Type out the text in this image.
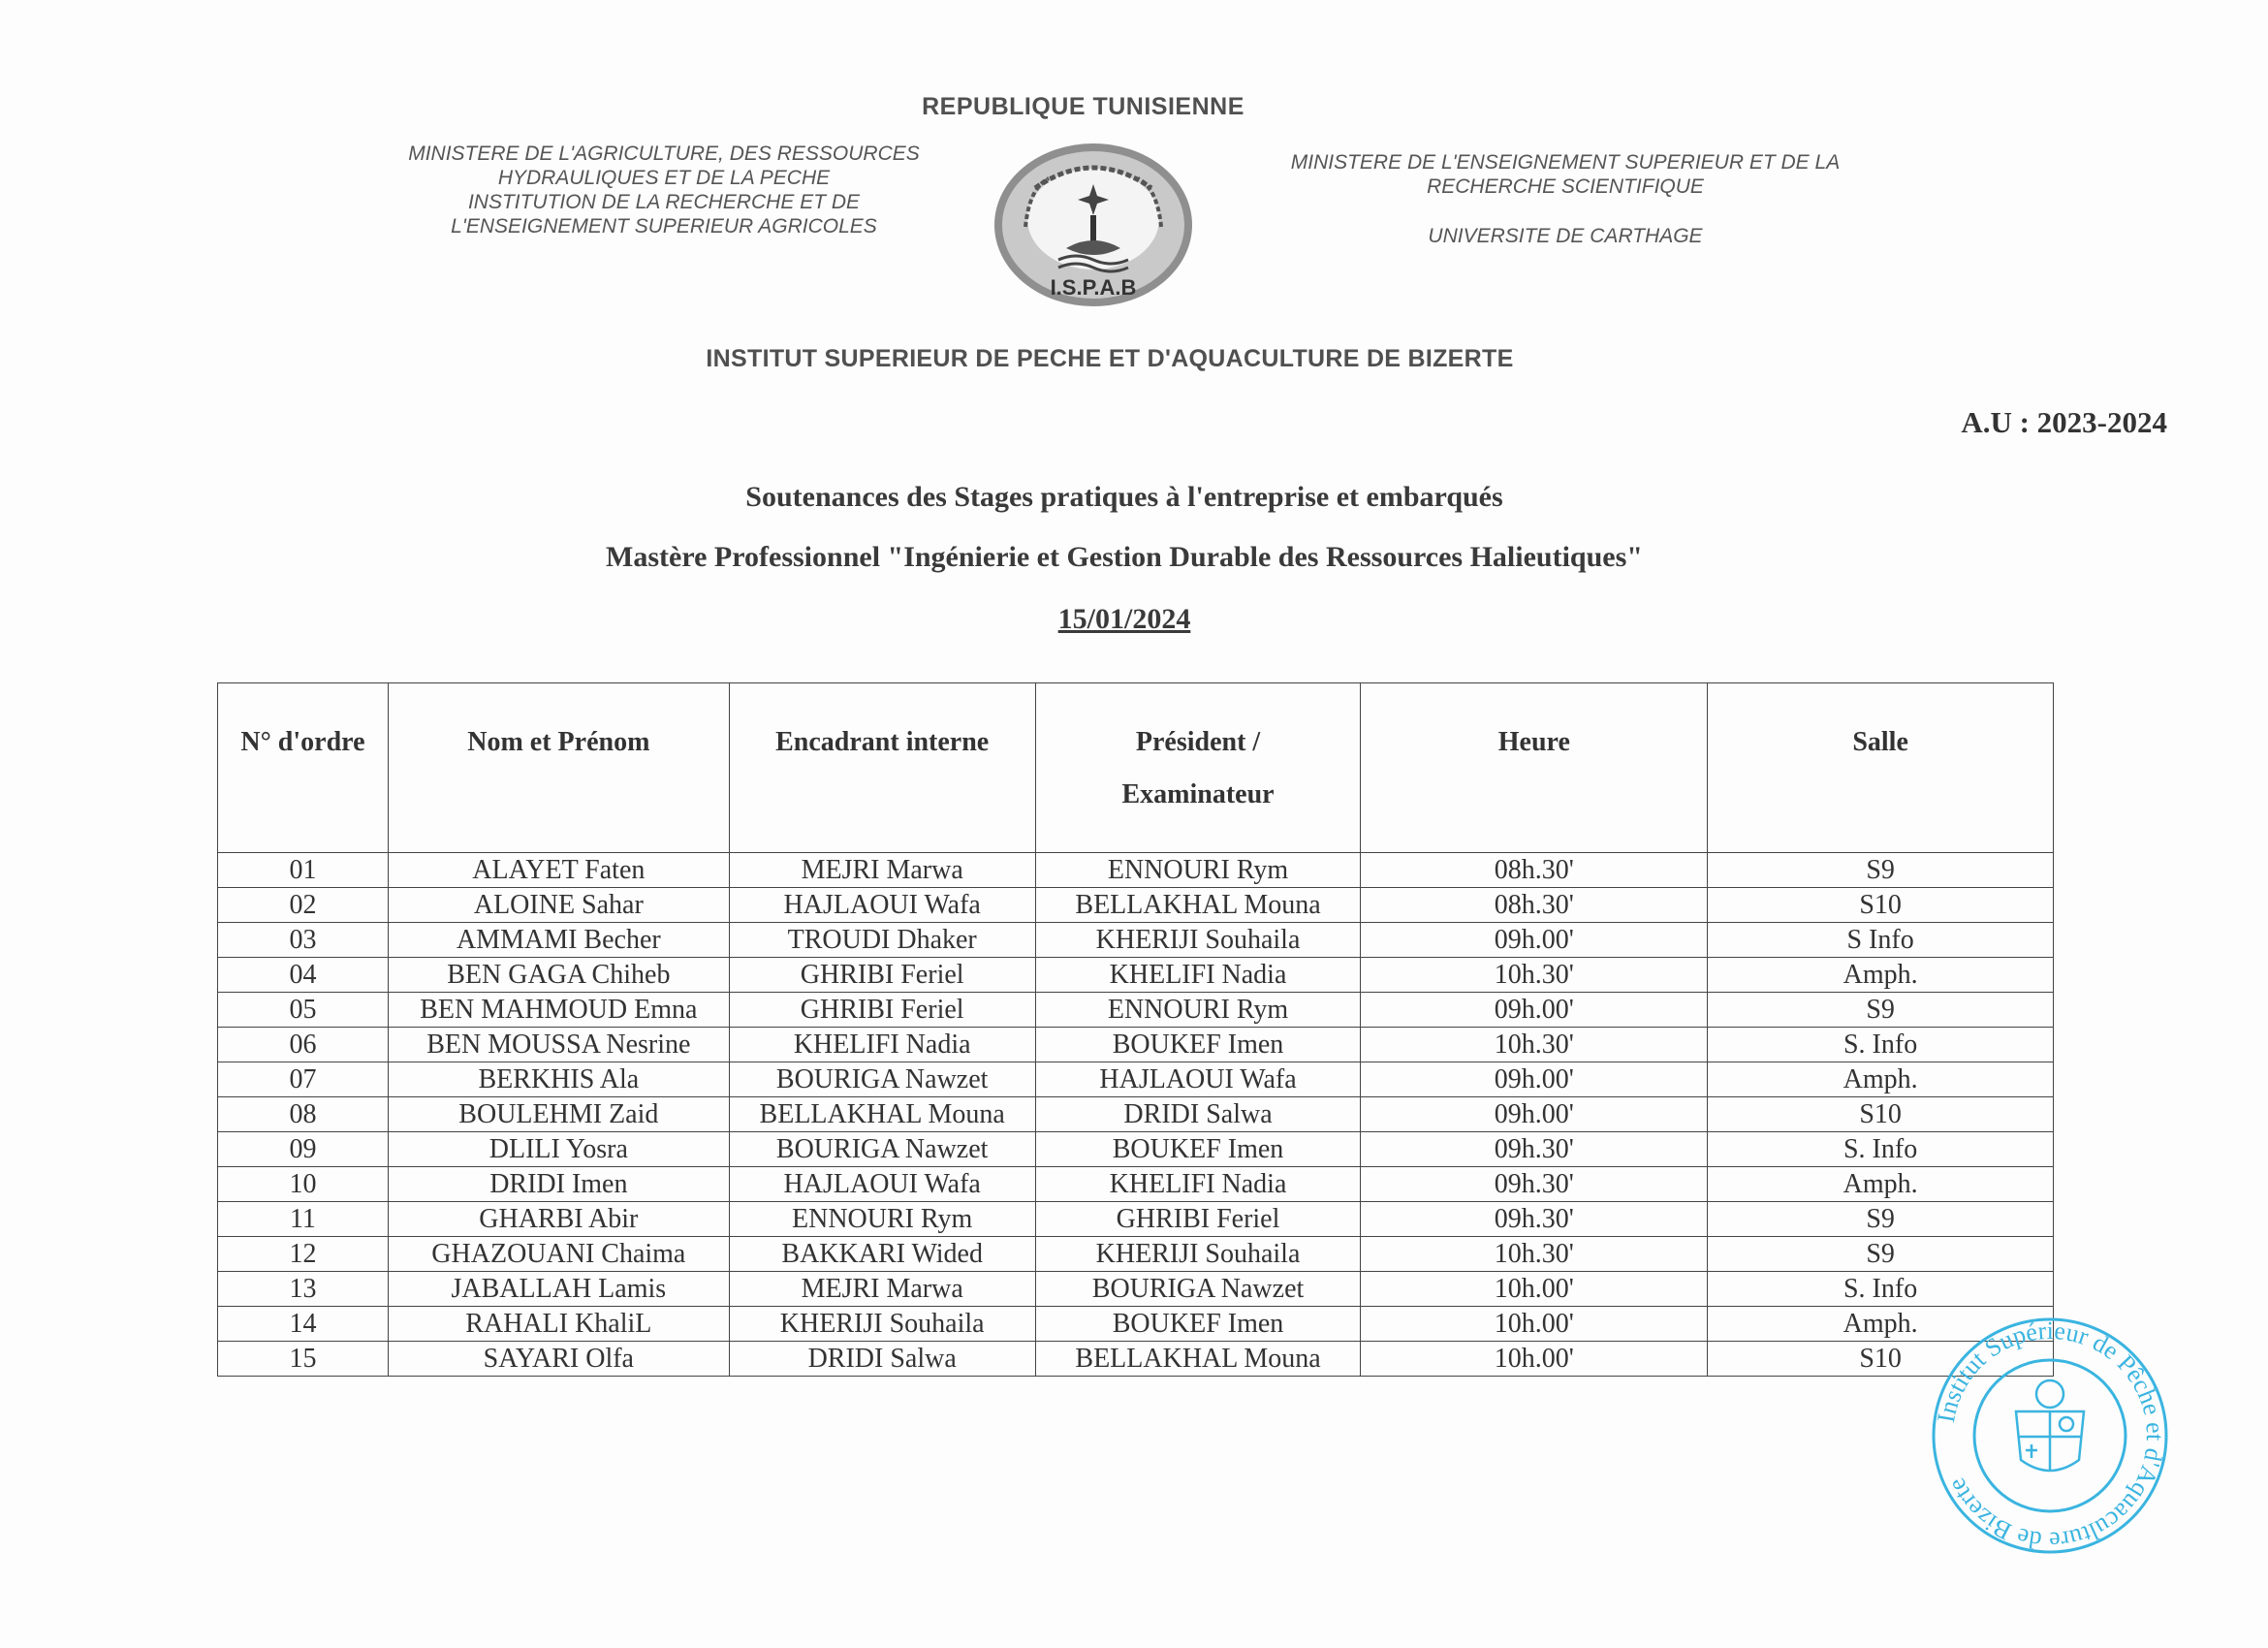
REPUBLIQUE TUNISIENNE
MINISTERE DE L'AGRICULTURE, DES RESSOURCES
HYDRAULIQUES ET DE LA PECHE
INSTITUTION DE LA RECHERCHE ET DE
L'ENSEIGNEMENT SUPERIEUR AGRICOLES
I.S.P.A.B
MINISTERE DE L'ENSEIGNEMENT SUPERIEUR ET DE LA
RECHERCHE SCIENTIFIQUE
UNIVERSITE DE CARTHAGE
INSTITUT SUPERIEUR DE PECHE ET D'AQUACULTURE DE BIZERTE
A.U : 2023-2024
Soutenances des Stages pratiques à l'entreprise et embarqués
Mastère Professionnel "Ingénierie et Gestion Durable des Ressources Halieutiques"
15/01/2024
N° d'ordre	Nom et Prénom	Encadrant interne	Président /
Examinateur	Heure	Salle
01	ALAYET Faten	MEJRI Marwa	ENNOURI Rym	08h.30'	S9
02	ALOINE Sahar	HAJLAOUI Wafa	BELLAKHAL Mouna	08h.30'	S10
03	AMMAMI Becher	TROUDI Dhaker	KHERIJI Souhaila	09h.00'	S Info
04	BEN GAGA Chiheb	GHRIBI Feriel	KHELIFI Nadia	10h.30'	Amph.
05	BEN MAHMOUD Emna	GHRIBI Feriel	ENNOURI Rym	09h.00'	S9
06	BEN MOUSSA Nesrine	KHELIFI Nadia	BOUKEF Imen	10h.30'	S. Info
07	BERKHIS Ala	BOURIGA Nawzet	HAJLAOUI Wafa	09h.00'	Amph.
08	BOULEHMI Zaid	BELLAKHAL Mouna	DRIDI Salwa	09h.00'	S10
09	DLILI Yosra	BOURIGA Nawzet	BOUKEF Imen	09h.30'	S. Info
10	DRIDI Imen	HAJLAOUI Wafa	KHELIFI Nadia	09h.30'	Amph.
11	GHARBI Abir	ENNOURI Rym	GHRIBI Feriel	09h.30'	S9
12	GHAZOUANI Chaima	BAKKARI Wided	KHERIJI Souhaila	10h.30'	S9
13	JABALLAH Lamis	MEJRI Marwa	BOURIGA Nawzet	10h.00'	S. Info
14	RAHALI KhaliL	KHERIJI Souhaila	BOUKEF Imen	10h.00'	Amph.
15	SAYARI Olfa	DRIDI Salwa	BELLAKHAL Mouna	10h.00'	S10
Institut Supérieur de Pêche et d'Aquaculture de Bizerte
